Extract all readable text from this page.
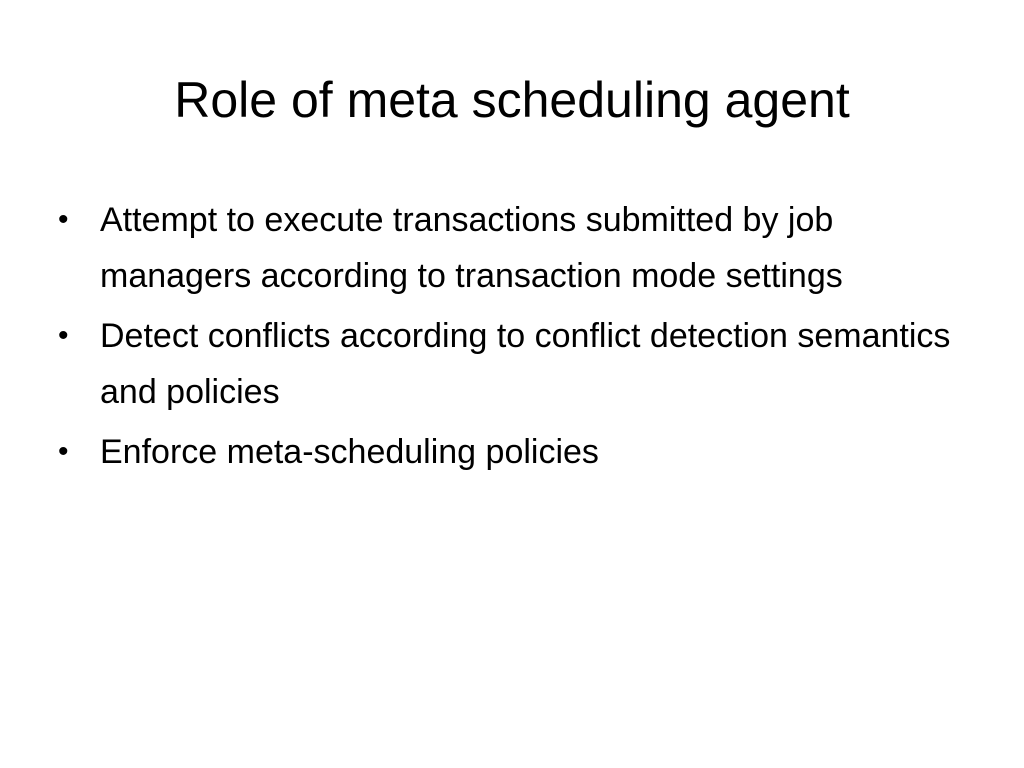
Role of meta scheduling agent
• Attempt to execute transactions submitted by job managers according to transaction mode settings
• Detect conflicts according to conflict detection semantics and policies
• Enforce meta-scheduling policies
